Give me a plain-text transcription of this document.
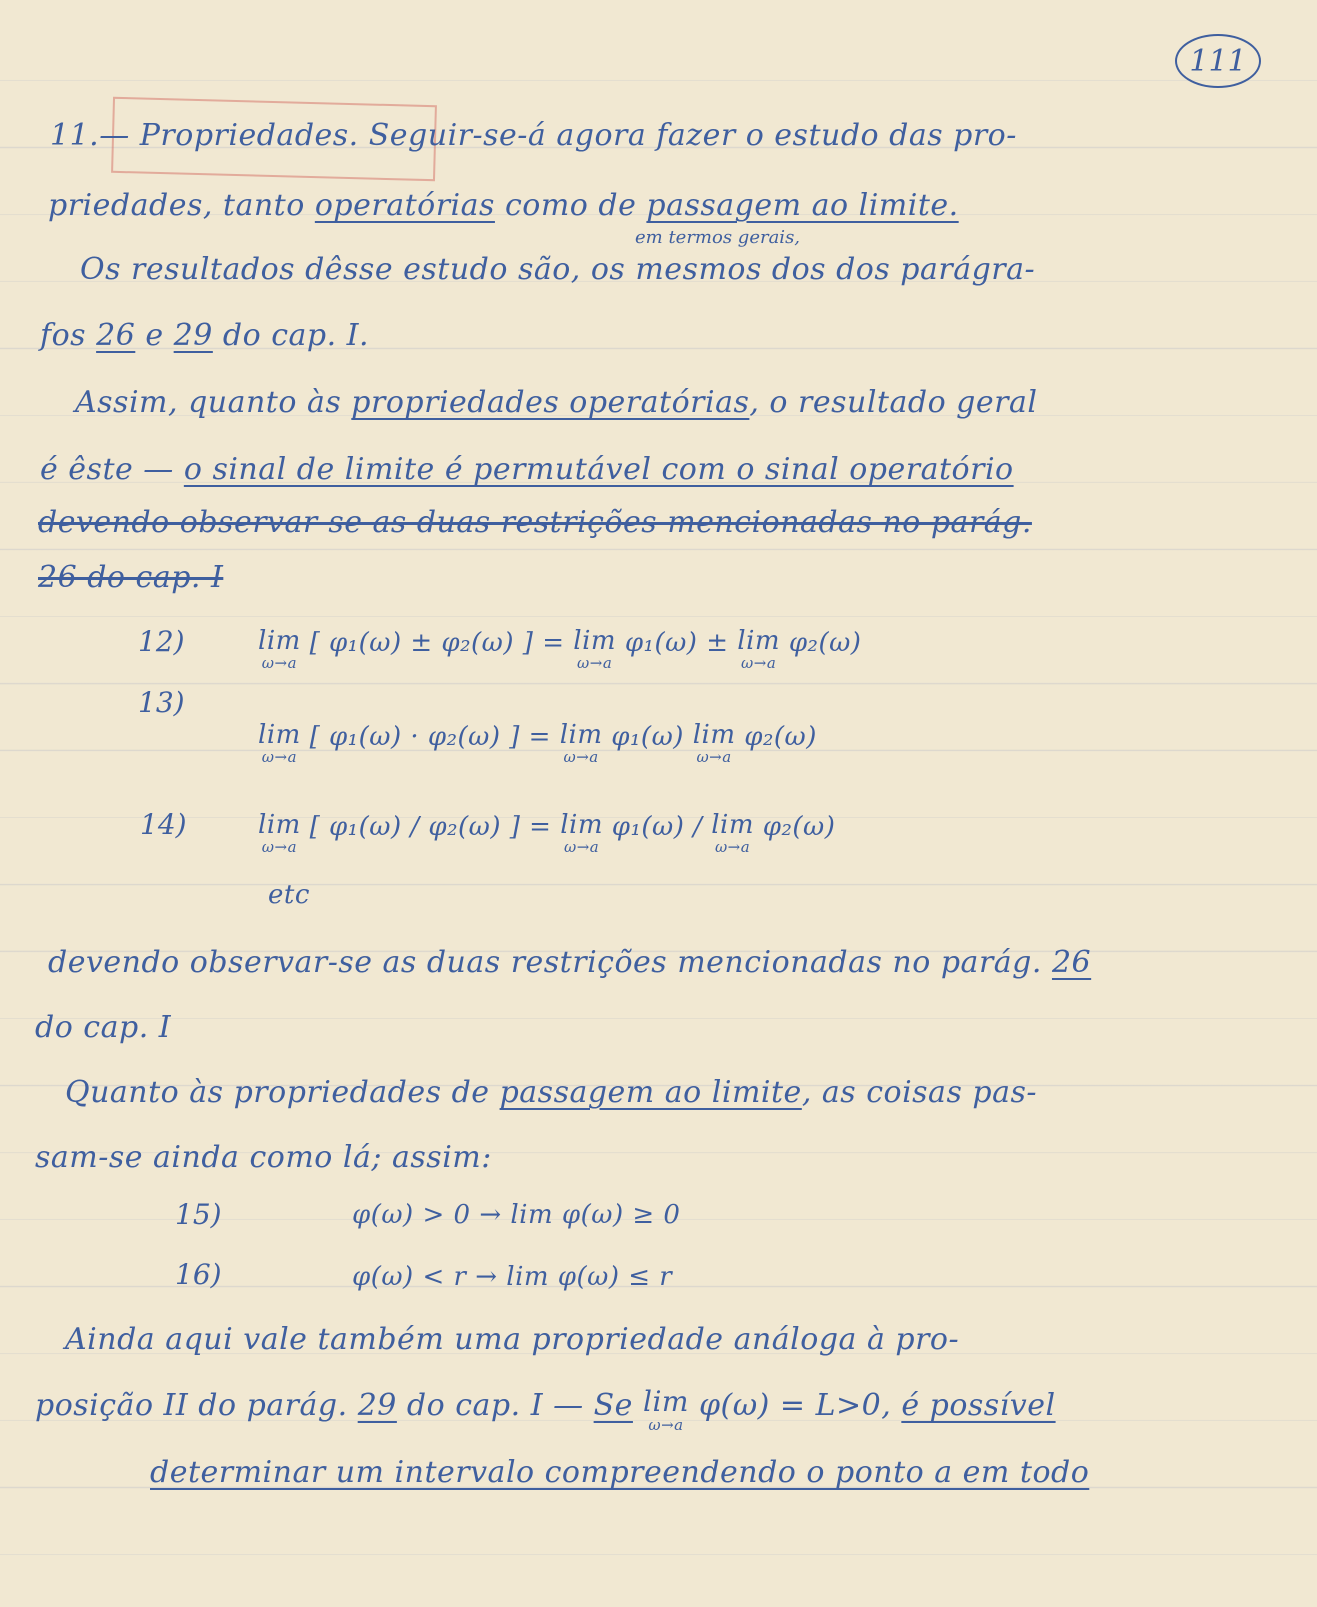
111
11.— Propriedades. Seguir-se-á agora fazer o estudo das pro-
priedades, tanto operatórias como de passagem ao limite.
em termos gerais,
Os resultados dêsse estudo são, os mesmos dos dos parágra-
fos 26 e 29 do cap. I.
Assim, quanto às propriedades operatórias, o resultado geral
é êste — o sinal de limite é permutável com o sinal operatório
devendo observar-se as duas restrições mencionadas no parág.
26 do cap. I
12)	lim
ω→a
[ φ₁(ω) ± φ₂(ω) ] = lim
ω→a
φ₁(ω) ± lim
ω→a
φ₂(ω)
13)
lim
ω→a
[ φ₁(ω) · φ₂(ω) ] = lim
ω→a
φ₁(ω) lim
ω→a
φ₂(ω)
14)	lim
ω→a
[ φ₁(ω) / φ₂(ω) ] = lim
ω→a
φ₁(ω) / lim
ω→a
φ₂(ω)
etc
devendo observar-se as duas restrições mencionadas no parág. 26
do cap. I
Quanto às propriedades de passagem ao limite, as coisas pas-
sam-se ainda como lá; assim:
15)	φ(ω) > 0 → lim φ(ω) ≥ 0
16)	φ(ω) < r → lim φ(ω) ≤ r
Ainda aqui vale também uma propriedade análoga à pro-
posição II do parág. 29 do cap. I — Se lim
ω→a
φ(ω) = L>0, é possível
determinar um intervalo compreendendo o ponto a em todo
